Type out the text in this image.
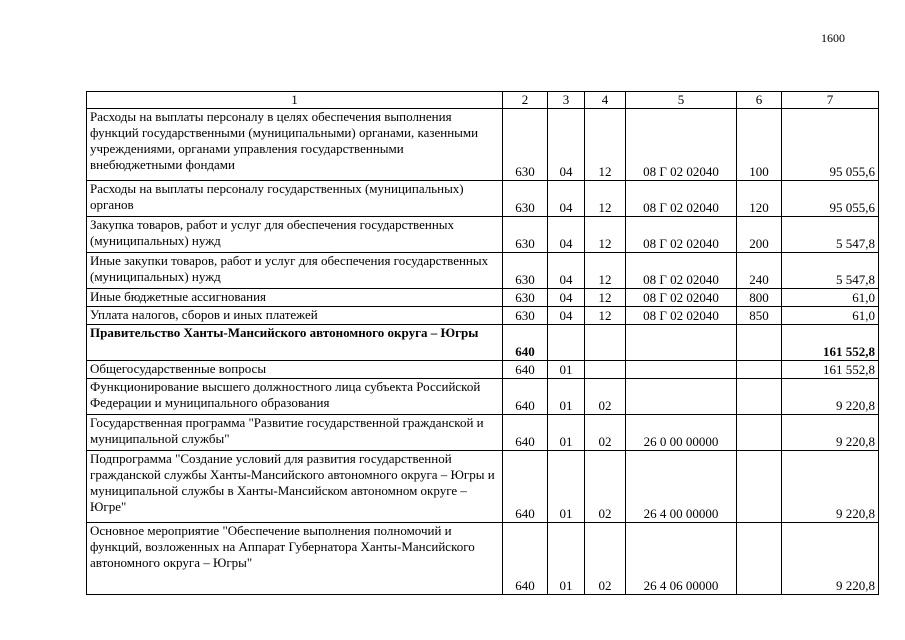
1600
1	2	3	4	5	6	7
Расходы на выплаты персоналу в целях обеспечения выполнения функций государственными (муниципальными) органами, казенными учреждениями, органами управления государственными внебюджетными фондами	630	04	12	08 Г 02 02040	100	95 055,6
Расходы на выплаты персоналу государственных (муниципальных) органов	630	04	12	08 Г 02 02040	120	95 055,6
Закупка товаров, работ и услуг для обеспечения государственных (муниципальных) нужд	630	04	12	08 Г 02 02040	200	5 547,8
Иные закупки товаров, работ и услуг для обеспечения государственных (муниципальных) нужд	630	04	12	08 Г 02 02040	240	5 547,8
Иные бюджетные ассигнования	630	04	12	08 Г 02 02040	800	61,0
Уплата налогов, сборов и иных платежей	630	04	12	08 Г 02 02040	850	61,0
Правительство Ханты-Мансийского автономного округа – Югры	640					161 552,8
Общегосударственные вопросы	640	01				161 552,8
Функционирование высшего должностного лица субъекта Российской Федерации и муниципального образования	640	01	02			9 220,8
Государственная программа "Развитие государственной гражданской и муниципальной службы"	640	01	02	26 0 00 00000		9 220,8
Подпрограмма "Создание условий для развития государственной гражданской службы Ханты-Мансийского автономного округа – Югры и муниципальной службы в Ханты-Мансийском автономном округе – Югре"	640	01	02	26 4 00 00000		9 220,8
Основное мероприятие "Обеспечение выполнения полномочий и функций, возложенных на Аппарат Губернатора Ханты-Мансийского автономного округа – Югры"	640	01	02	26 4 06 00000		9 220,8
